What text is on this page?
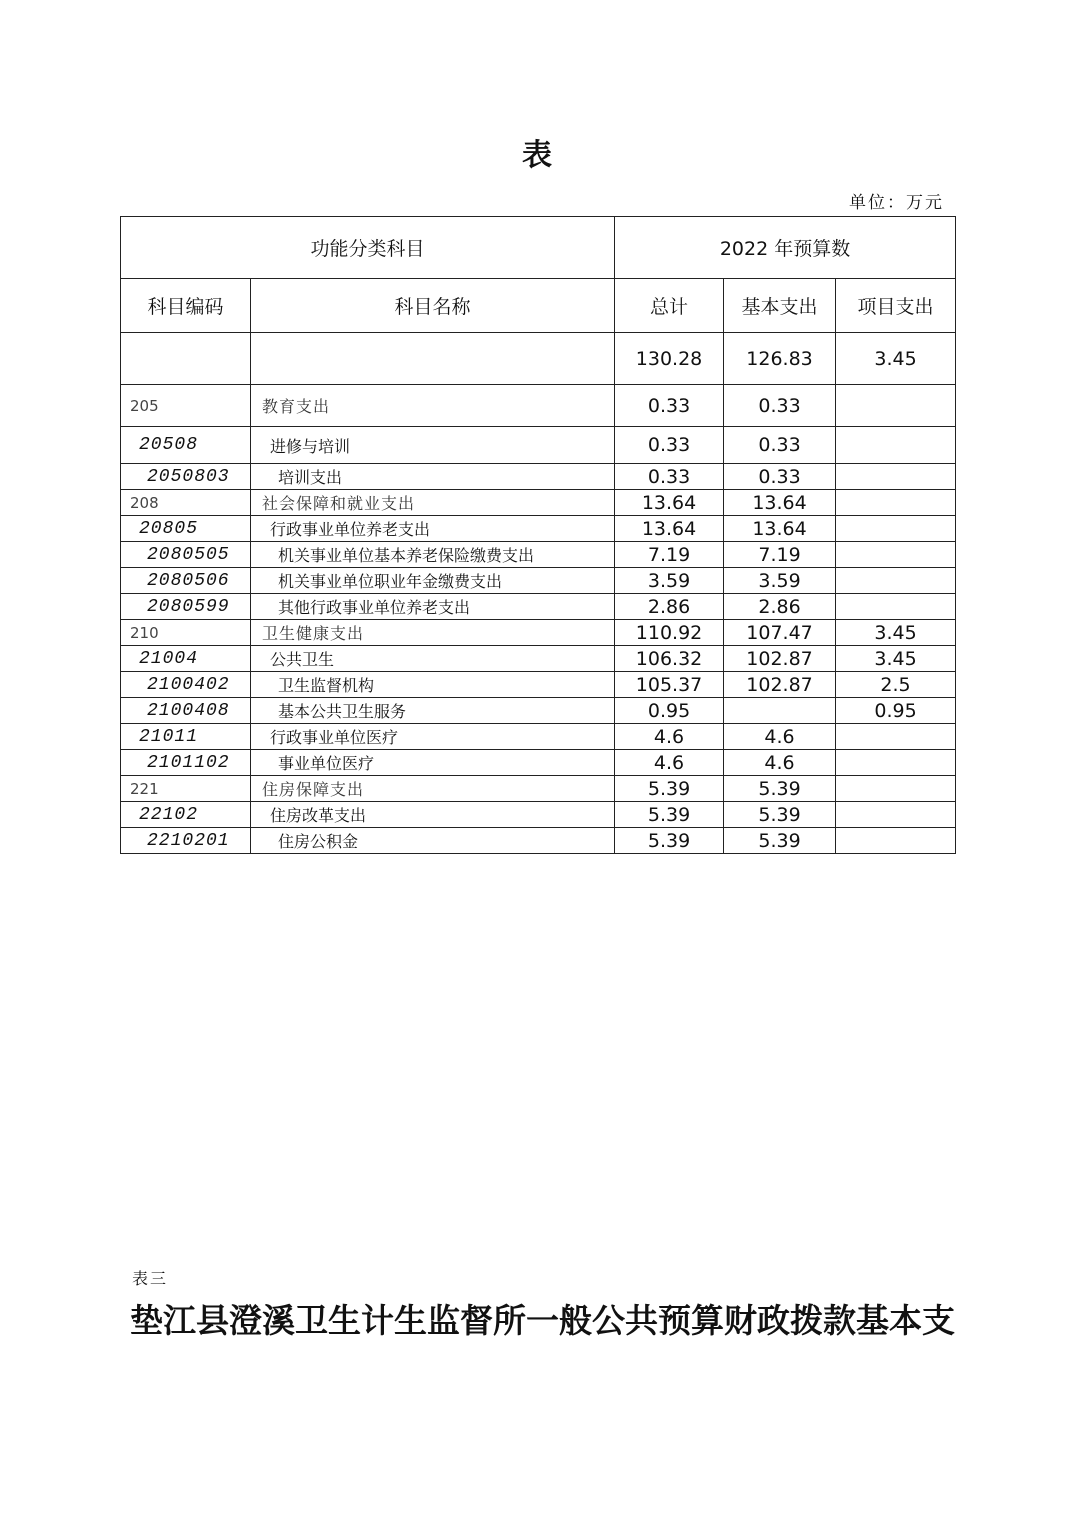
表
单位：万元
功能分类科目		2022 年预算数		
科目编码	科目名称	总计	基本支出	项目支出
		130.28	126.83	3.45
205	教育支出	0.33	0.33	
20508	进修与培训	0.33	0.33	
2050803	培训支出	0.33	0.33	
208	社会保障和就业支出	13.64	13.64	
20805	行政事业单位养老支出	13.64	13.64	
2080505	机关事业单位基本养老保险缴费支出	7.19	7.19	
2080506	机关事业单位职业年金缴费支出	3.59	3.59	
2080599	其他行政事业单位养老支出	2.86	2.86	
210	卫生健康支出	110.92	107.47	3.45
21004	公共卫生	106.32	102.87	3.45
2100402	卫生监督机构	105.37	102.87	2.5
2100408	基本公共卫生服务	0.95		0.95
21011	行政事业单位医疗	4.6	4.6	
2101102	事业单位医疗	4.6	4.6	
221	住房保障支出	5.39	5.39	
22102	住房改革支出	5.39	5.39	
2210201	住房公积金	5.39	5.39	
表三
垫江县澄溪卫生计生监督所一般公共预算财政拨款基本支
